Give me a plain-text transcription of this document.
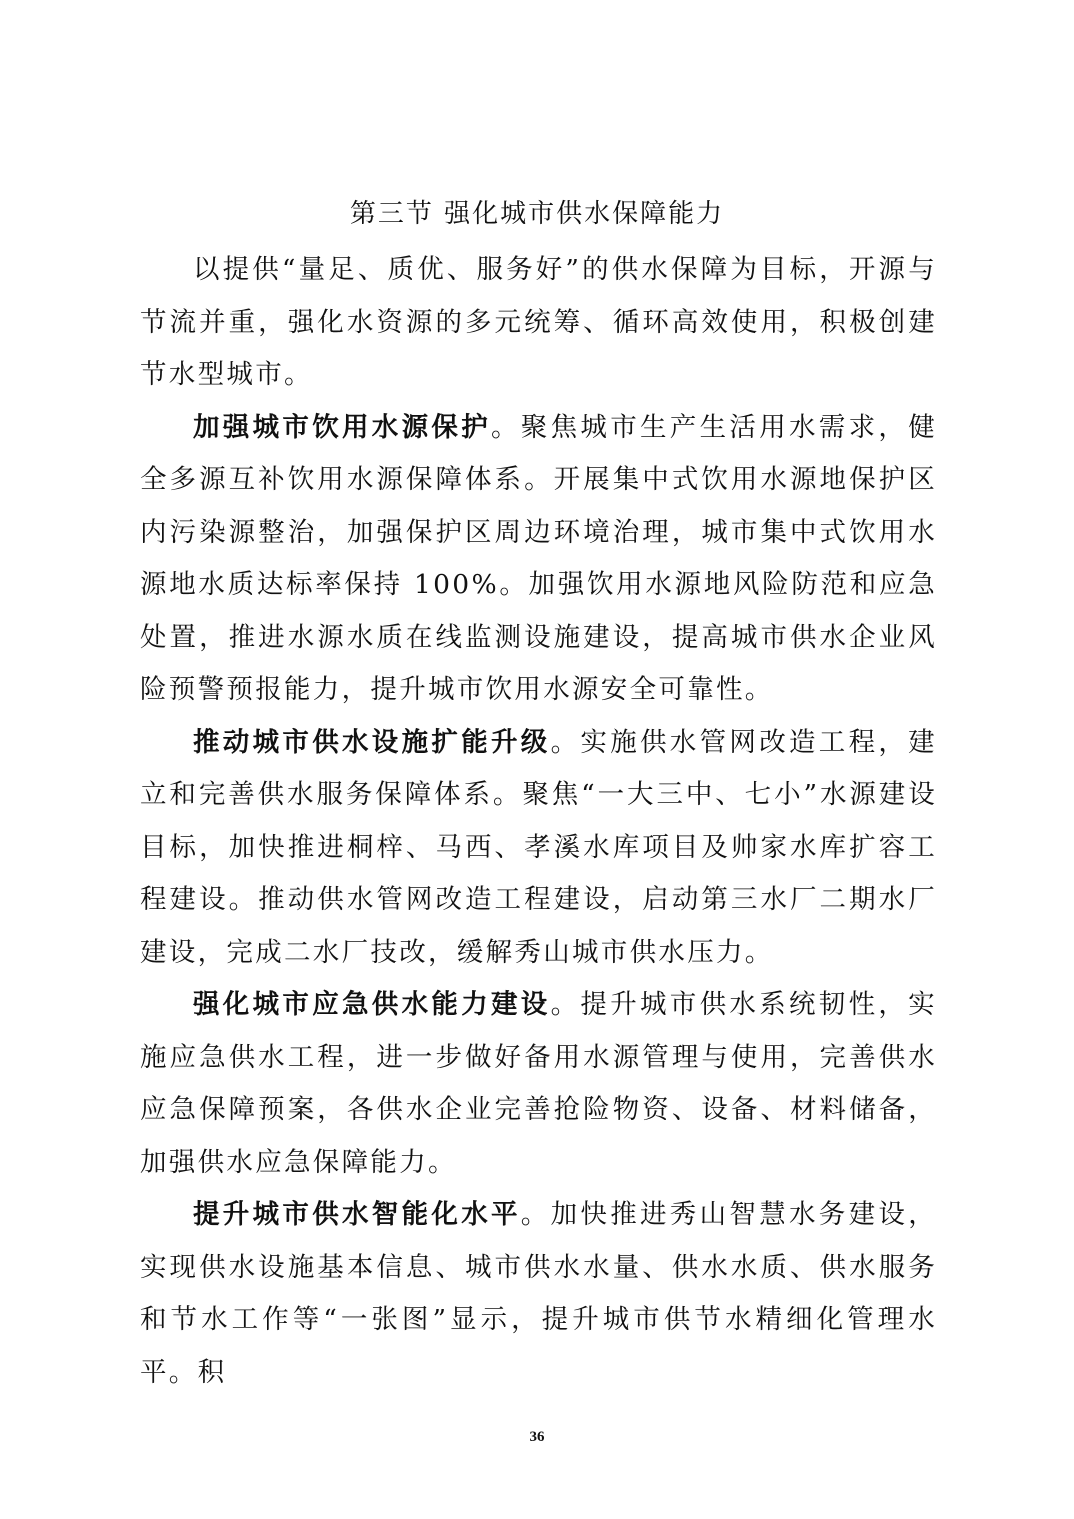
第三节 强化城市供水保障能力

以提供“量足、质优、服务好”的供水保障为目标，开源与节流并重，强化水资源的多元统筹、循环高效使用，积极创建节水型城市。

加强城市饮用水源保护。聚焦城市生产生活用水需求，健全多源互补饮用水源保障体系。开展集中式饮用水源地保护区内污染源整治，加强保护区周边环境治理，城市集中式饮用水源地水质达标率保持 100%。加强饮用水源地风险防范和应急处置，推进水源水质在线监测设施建设，提高城市供水企业风险预警预报能力，提升城市饮用水源安全可靠性。

推动城市供水设施扩能升级。实施供水管网改造工程，建立和完善供水服务保障体系。聚焦“一大三中、七小”水源建设目标，加快推进桐梓、马西、孝溪水库项目及帅家水库扩容工程建设。推动供水管网改造工程建设，启动第三水厂二期水厂建设，完成二水厂技改，缓解秀山城市供水压力。

强化城市应急供水能力建设。提升城市供水系统韧性，实施应急供水工程，进一步做好备用水源管理与使用，完善供水应急保障预案，各供水企业完善抢险物资、设备、材料储备，加强供水应急保障能力。

提升城市供水智能化水平。加快推进秀山智慧水务建设，实现供水设施基本信息、城市供水水量、供水水质、供水服务和节水工作等“一张图”显示，提升城市供节水精细化管理水平。积

36
